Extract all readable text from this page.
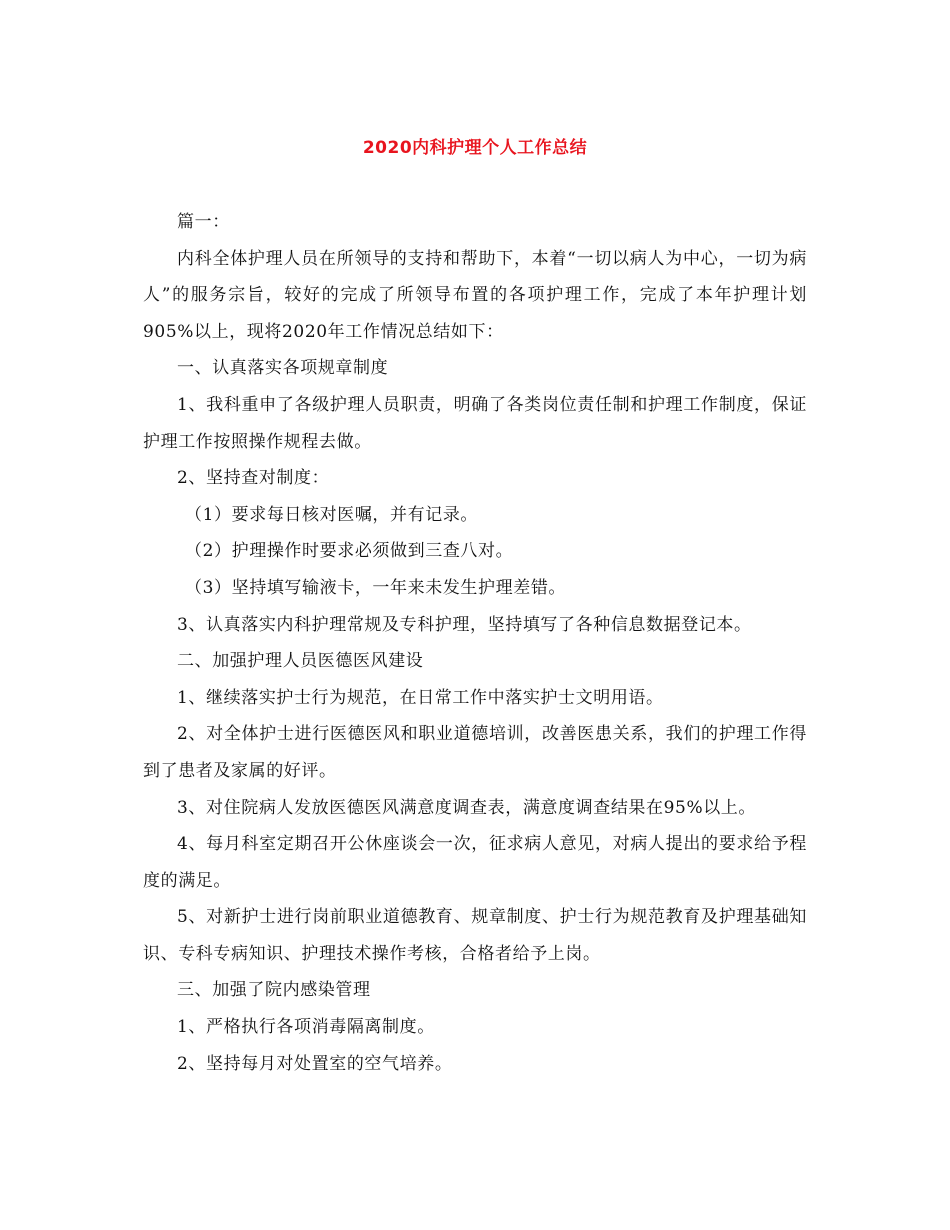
2020内科护理个人工作总结

篇一：

内科全体护理人员在所领导的支持和帮助下，本着“一切以病人为中心，一切为病人”的服务宗旨，较好的完成了所领导布置的各项护理工作，完成了本年护理计划905%以上，现将2020年工作情况总结如下：

一、认真落实各项规章制度

1、我科重申了各级护理人员职责，明确了各类岗位责任制和护理工作制度，保证护理工作按照操作规程去做。

2、坚持查对制度：

（1）要求每日核对医嘱，并有记录。

（2）护理操作时要求必须做到三查八对。

（3）坚持填写输液卡，一年来未发生护理差错。

3、认真落实内科护理常规及专科护理，坚持填写了各种信息数据登记本。

二、加强护理人员医德医风建设

1、继续落实护士行为规范，在日常工作中落实护士文明用语。

2、对全体护士进行医德医风和职业道德培训，改善医患关系，我们的护理工作得到了患者及家属的好评。

3、对住院病人发放医德医风满意度调查表，满意度调查结果在95%以上。

4、每月科室定期召开公休座谈会一次，征求病人意见，对病人提出的要求给予程度的满足。

5、对新护士进行岗前职业道德教育、规章制度、护士行为规范教育及护理基础知识、专科专病知识、护理技术操作考核，合格者给予上岗。

三、加强了院内感染管理

1、严格执行各项消毒隔离制度。

2、坚持每月对处置室的空气培养。
